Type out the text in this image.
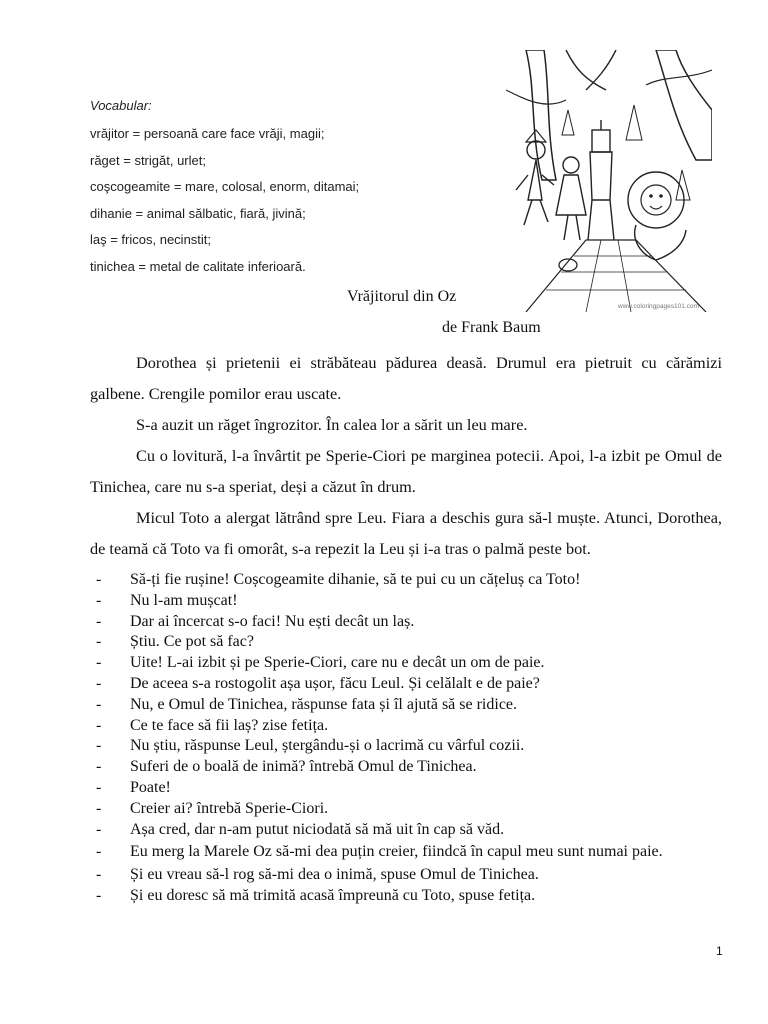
Vocabular:
vrăjitor = persoană care face vrăji, magii;
răget = strigăt, urlet;
coşcogeamite = mare, colosal, enorm, ditamai;
dihanie = animal sălbatic, fiară, jivină;
laş = fricos, necinstit;
tinichea = metal de calitate inferioară.
www.coloringpages101.com
Vrăjitorul din Oz
de Frank Baum

Dorothea și prietenii ei străbăteau pădurea deasă. Drumul era pietruit cu cărămizi galbene. Crengile pomilor erau uscate.

S-a auzit un răget îngrozitor. În calea lor a sărit un leu mare.

Cu o lovitură, l-a învârtit pe Sperie-Ciori pe marginea potecii. Apoi, l-a izbit pe Omul de Tinichea, care nu s-a speriat, deși a căzut în drum.

Micul Toto a alergat lătrând spre Leu. Fiara a deschis gura să-l muște. Atunci, Dorothea, de teamă că Toto va fi omorât, s-a repezit la Leu și i-a tras o palmă peste bot.

- Să-ți fie rușine! Coșcogeamite dihanie, să te pui cu un cățeluș ca Toto!
- Nu l-am mușcat!
- Dar ai încercat s-o faci! Nu ești decât un laș.
- Știu. Ce pot să fac?
- Uite! L-ai izbit și pe Sperie-Ciori, care nu e decât un om de paie.
- De aceea s-a rostogolit așa ușor, făcu Leul. Și celălalt e de paie?
- Nu, e Omul de Tinichea, răspunse fata și îl ajută să se ridice.
- Ce te face să fii laș? zise fetița.
- Nu știu, răspunse Leul, ștergându-și o lacrimă cu vârful cozii.
- Suferi de o boală de inimă? întrebă Omul de Tinichea.
- Poate!
- Creier ai? întrebă Sperie-Ciori.
- Așa cred, dar n-am putut niciodată să mă uit în cap să văd.
- Eu merg la Marele Oz să-mi dea puțin creier, fiindcă în capul meu sunt numai paie.
- Și eu vreau să-l rog să-mi dea o inimă, spuse Omul de Tinichea.
- Și eu doresc să mă trimită acasă împreună cu Toto, spuse fetița.
1
